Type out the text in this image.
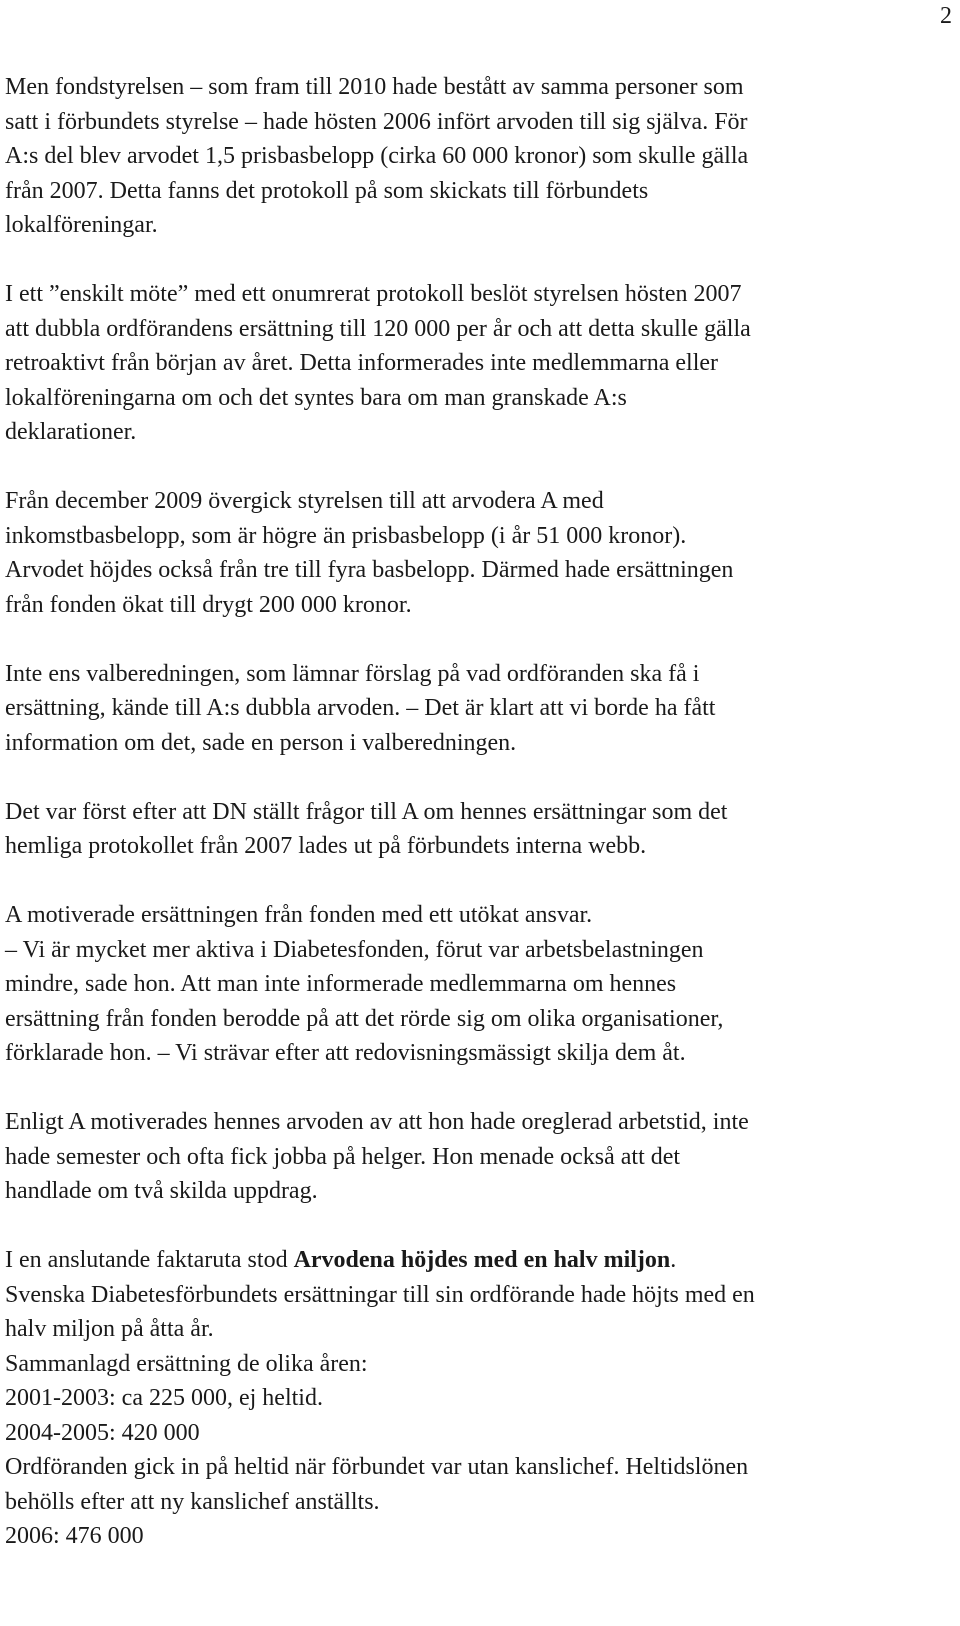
2

Men fondstyrelsen – som fram till 2010 hade bestått av samma personer som
satt i förbundets styrelse – hade hösten 2006 infört arvoden till sig själva. För
A:s del blev arvodet 1,5 prisbasbelopp (cirka 60 000 kronor) som skulle gälla
från 2007. Detta fanns det protokoll på som skickats till förbundets
lokalföreningar.

I ett ”enskilt möte” med ett onumrerat protokoll beslöt styrelsen hösten 2007
att dubbla ordförandens ersättning till 120 000 per år och att detta skulle gälla
retroaktivt från början av året. Detta informerades inte medlemmarna eller
lokalföreningarna om och det syntes bara om man granskade A:s
deklarationer.

Från december 2009 övergick styrelsen till att arvodera A med
inkomstbasbelopp, som är högre än prisbasbelopp (i år 51 000 kronor).
Arvodet höjdes också från tre till fyra basbelopp. Därmed hade ersättningen
från fonden ökat till drygt 200 000 kronor.

Inte ens valberedningen, som lämnar förslag på vad ordföranden ska få i
ersättning, kände till A:s dubbla arvoden. – Det är klart att vi borde ha fått
information om det, sade en person i valberedningen.

Det var först efter att DN ställt frågor till A om hennes ersättningar som det
hemliga protokollet från 2007 lades ut på förbundets interna webb.

A motiverade ersättningen från fonden med ett utökat ansvar.
– Vi är mycket mer aktiva i Diabetesfonden, förut var arbetsbelastningen
mindre, sade hon. Att man inte informerade medlemmarna om hennes
ersättning från fonden berodde på att det rörde sig om olika organisationer,
förklarade hon. – Vi strävar efter att redovisningsmässigt skilja dem åt.

Enligt A motiverades hennes arvoden av att hon hade oreglerad arbetstid, inte
hade semester och ofta fick jobba på helger. Hon menade också att det
handlade om två skilda uppdrag.

I en anslutande faktaruta stod Arvodena höjdes med en halv miljon.
Svenska Diabetesförbundets ersättningar till sin ordförande hade höjts med en
halv miljon på åtta år.
Sammanlagd ersättning de olika åren:
2001-2003: ca 225 000, ej heltid.
2004-2005: 420 000
Ordföranden gick in på heltid när förbundet var utan kanslichef. Heltidslönen
behölls efter att ny kanslichef anställts.
2006: 476 000
